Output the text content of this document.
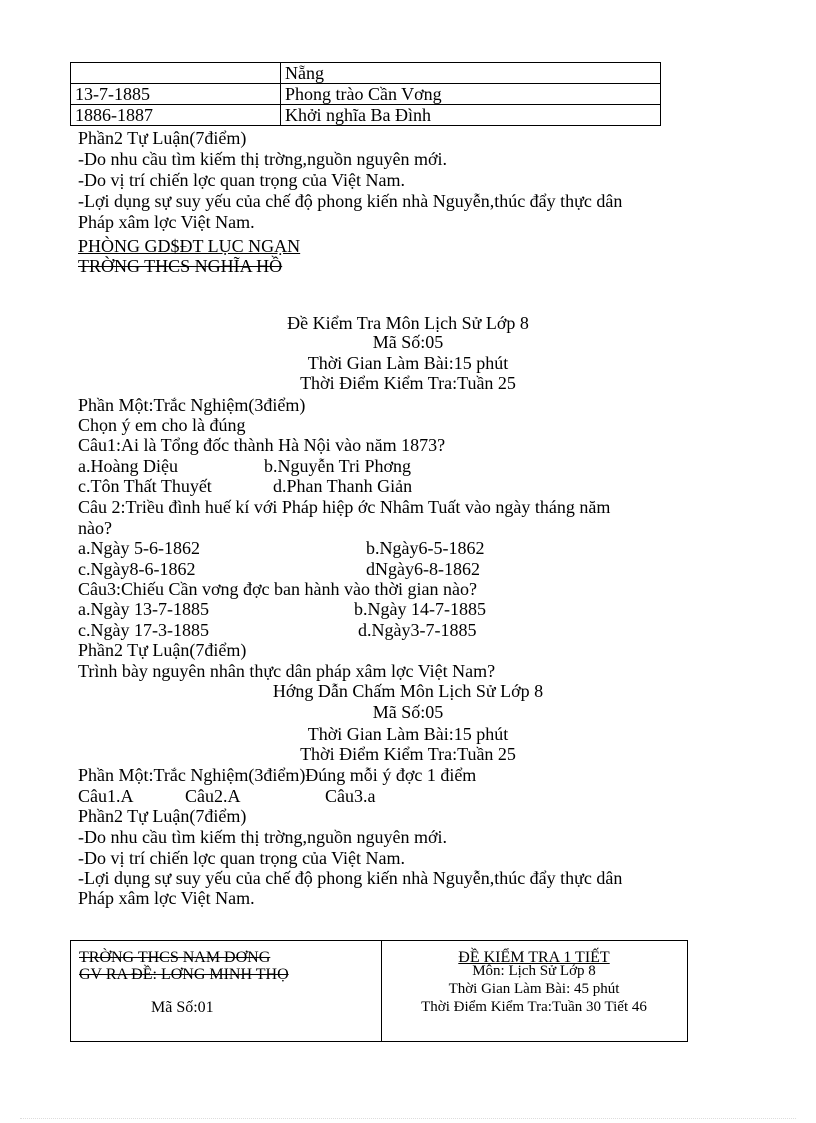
	Nẵng
13-7-1885	Phong trào Cần Vơng
1886-1887	Khởi nghĩa Ba Đình
Phần2 Tự Luận(7điểm)
-Do nhu cầu tìm kiếm thị trờng,nguồn nguyên mới.
-Do vị trí chiến lợc quan trọng của Việt Nam.
-Lợi dụng sự suy yếu của chế độ phong kiến nhà Nguyễn,thúc đẩy thực dân
Pháp xâm lợc Việt Nam.
PHÒNG GD$ĐT LỤC NGẠN
TRỜNG THCS NGHĨA HỒ
Đề Kiểm Tra Môn Lịch Sử Lớp 8
Mã Số:05
Thời Gian Làm Bài:15 phút
Thời Điểm Kiểm Tra:Tuần 25
Phần Một:Trắc Nghiệm(3điểm)
Chọn ý em cho là đúng
Câu1:Ai là Tổng đốc thành Hà Nội vào năm 1873?
a.Hoàng Diệu	b.Nguyễn Tri Phơng
c.Tôn Thất Thuyết	d.Phan Thanh Giản
Câu 2:Triều đình huế kí với Pháp hiệp ớc Nhâm Tuất vào ngày tháng năm
nào?
a.Ngày 5-6-1862	b.Ngày6-5-1862
c.Ngày8-6-1862	dNgày6-8-1862
Câu3:Chiếu Cần vơng đợc ban hành vào thời gian nào?
a.Ngày 13-7-1885	b.Ngày 14-7-1885
c.Ngày 17-3-1885	d.Ngày3-7-1885
Phần2 Tự Luận(7điểm)
Trình bày nguyên nhân thực dân pháp xâm lợc Việt Nam?
Hớng Dẫn Chấm Môn Lịch Sử Lớp 8
Mã Số:05
Thời Gian Làm Bài:15 phút
Thời Điểm Kiểm Tra:Tuần 25
Phần Một:Trắc Nghiệm(3điểm)Đúng mỗi ý đợc 1 điểm
Câu1.A	Câu2.A	Câu3.a
Phần2 Tự Luận(7điểm)
-Do nhu cầu tìm kiếm thị trờng,nguồn nguyên mới.
-Do vị trí chiến lợc quan trọng của Việt Nam.
-Lợi dụng sự suy yếu của chế độ phong kiến nhà Nguyễn,thúc đẩy thực dân
Pháp xâm lợc Việt Nam.
TRỜNG THCS NAM DƠNG
GV RA ĐỀ: LƠNG MINH THỌ
Mã Số:01
ĐỀ KIỂM TRA 1 TIẾT
Môn: Lịch Sử Lớp 8
Thời Gian Làm Bài: 45 phút
Thời Điểm Kiểm Tra:Tuần 30 Tiết 46
